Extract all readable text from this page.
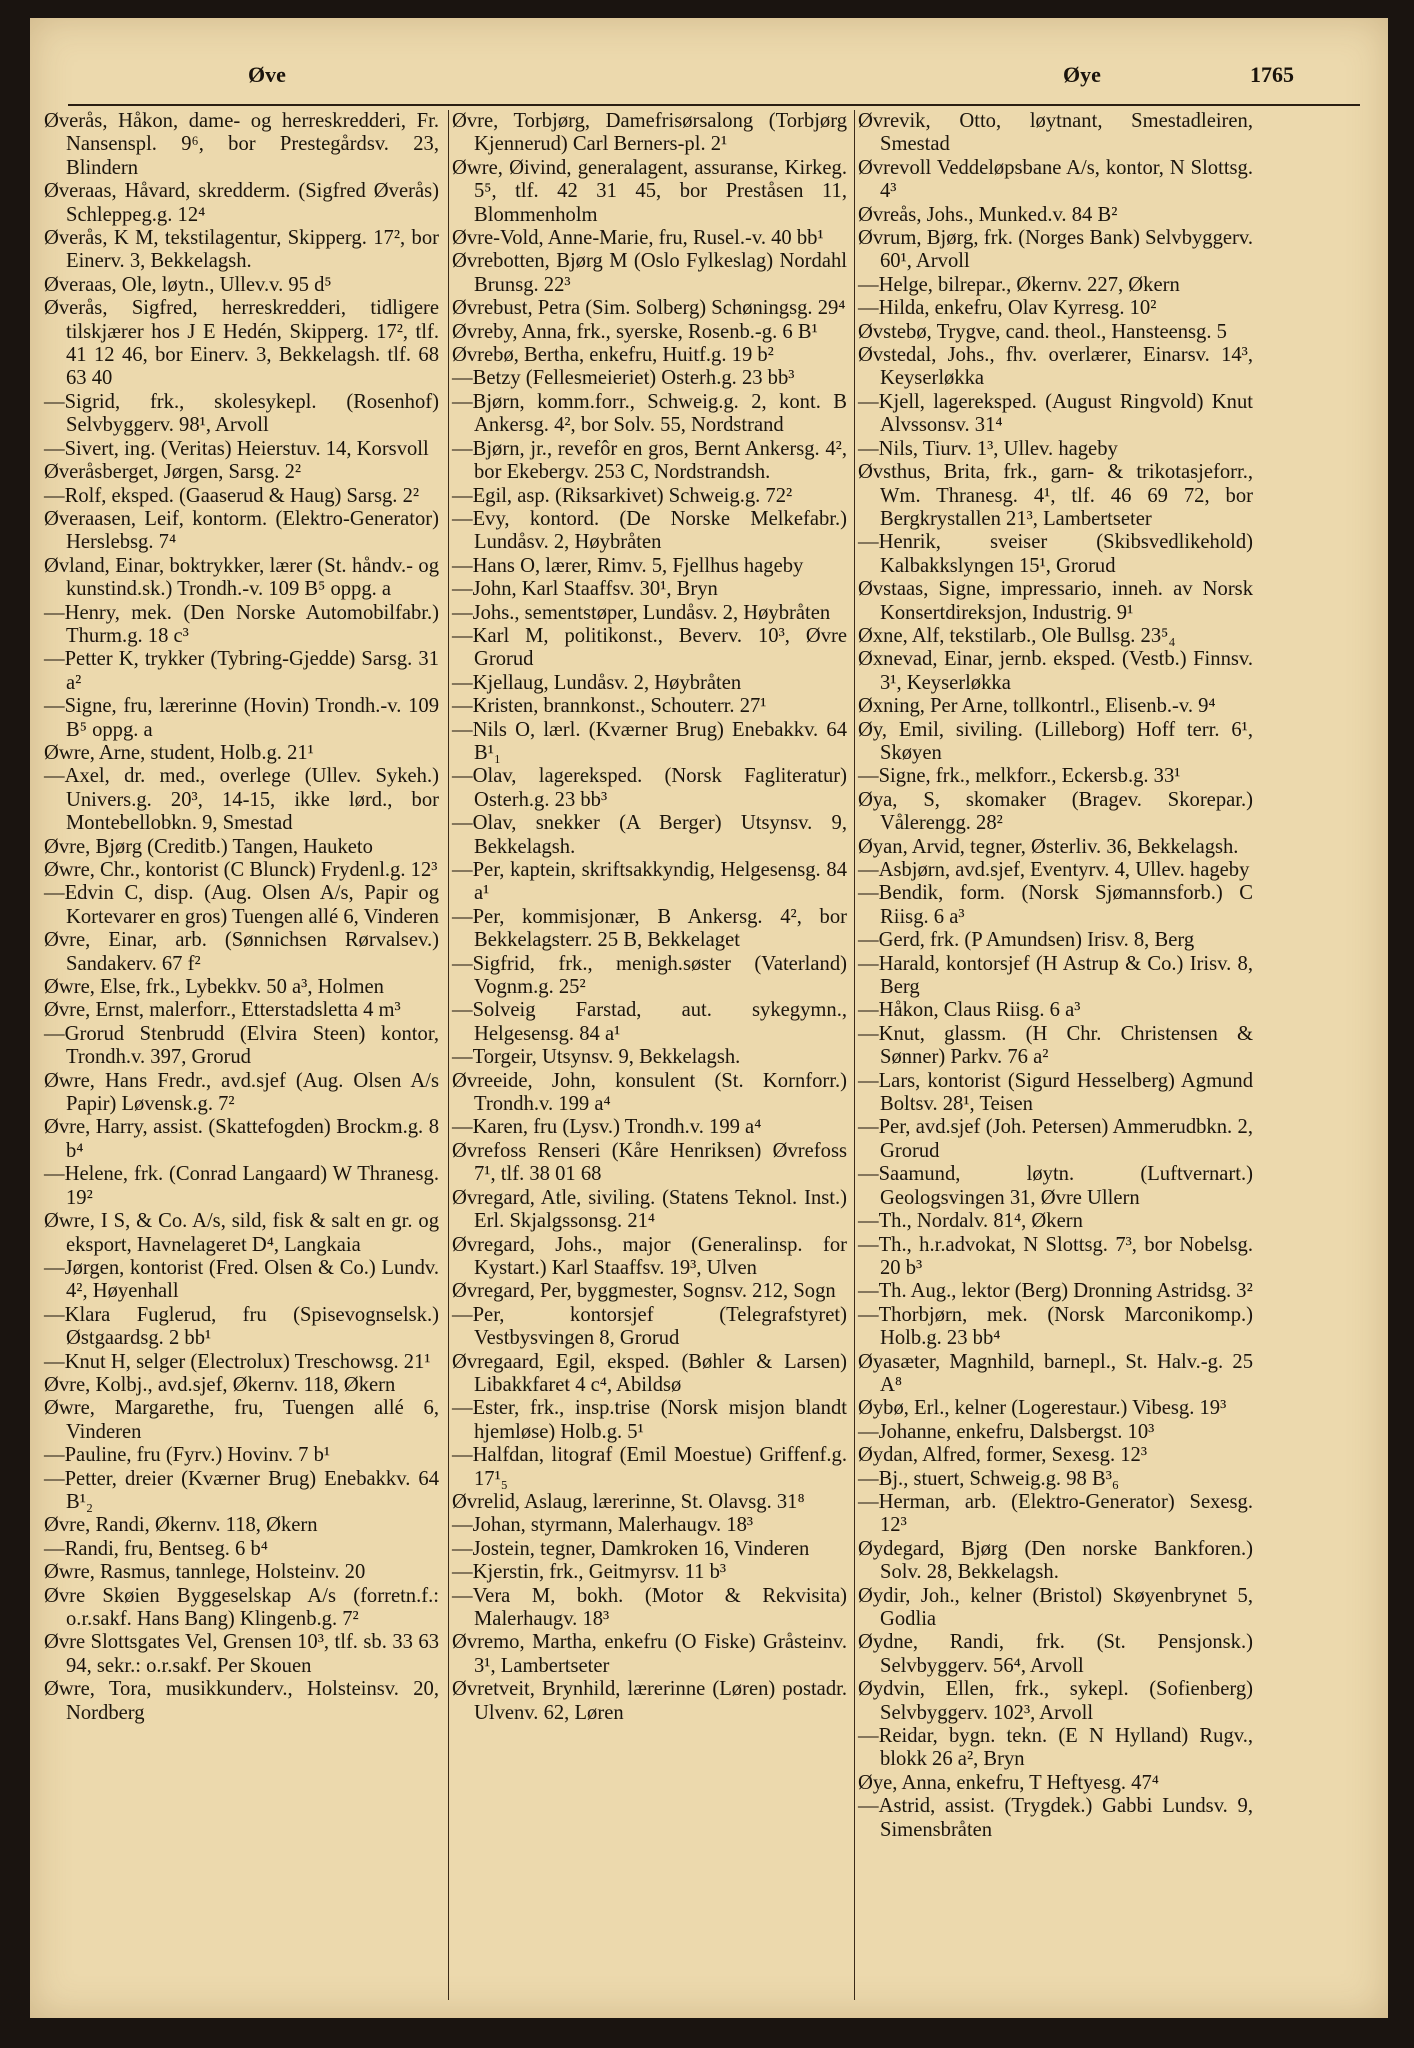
Øve	Øye	1765

Øverås, Håkon, dame- og herreskredderi, Fr. Nansenspl. 9⁶, bor Prestegårdsv. 23, Blindern

Øveraas, Håvard, skredderm. (Sigfred Øverås) Schleppeg.g. 12⁴

Øverås, K M, tekstilagentur, Skipperg. 17², bor Einerv. 3, Bekkelagsh.

Øveraas, Ole, løytn., Ullev.v. 95 d⁵

Øverås, Sigfred, herreskredderi, tidligere tilskjærer hos J E Hedén, Skipperg. 17², tlf. 41 12 46, bor Einerv. 3, Bekkelagsh. tlf. 68 63 40

—Sigrid, frk., skolesykepl. (Rosenhof) Selvbyggerv. 98¹, Arvoll

—Sivert, ing. (Veritas) Heierstuv. 14, Korsvoll

Øveråsberget, Jørgen, Sarsg. 2²

—Rolf, eksped. (Gaaserud & Haug) Sarsg. 2²

Øveraasen, Leif, kontorm. (Elektro-Generator) Herslebsg. 7⁴

Øvland, Einar, boktrykker, lærer (St. håndv.- og kunstind.sk.) Trondh.-v. 109 B⁵ oppg. a

—Henry, mek. (Den Norske Automobilfabr.) Thurm.g. 18 c³

—Petter K, trykker (Tybring-Gjedde) Sarsg. 31 a²

—Signe, fru, lærerinne (Hovin) Trondh.-v. 109 B⁵ oppg. a

Øwre, Arne, student, Holb.g. 21¹

—Axel, dr. med., overlege (Ullev. Sykeh.) Univers.g. 20³, 14-15, ikke lørd., bor Montebellobkn. 9, Smestad

Øvre, Bjørg (Creditb.) Tangen, Hauketo

Øwre, Chr., kontorist (C Blunck) Frydenl.g. 12³

—Edvin C, disp. (Aug. Olsen A/s, Papir og Kortevarer en gros) Tuengen allé 6, Vinderen

Øvre, Einar, arb. (Sønnichsen Rørvalsev.) Sandakerv. 67 f²

Øwre, Else, frk., Lybekkv. 50 a³, Holmen

Øvre, Ernst, malerforr., Etterstadsletta 4 m³

—Grorud Stenbrudd (Elvira Steen) kontor, Trondh.v. 397, Grorud

Øwre, Hans Fredr., avd.sjef (Aug. Olsen A/s Papir) Løvensk.g. 7²

Øvre, Harry, assist. (Skattefogden) Brockm.g. 8 b⁴

—Helene, frk. (Conrad Langaard) W Thranesg. 19²

Øwre, I S, & Co. A/s, sild, fisk & salt en gr. og eksport, Havnelageret D⁴, Langkaia

—Jørgen, kontorist (Fred. Olsen & Co.) Lundv. 4², Høyenhall

—Klara Fuglerud, fru (Spisevognselsk.) Østgaardsg. 2 bb¹

—Knut H, selger (Electrolux) Treschowsg. 21¹

Øvre, Kolbj., avd.sjef, Økernv. 118, Økern

Øwre, Margarethe, fru, Tuengen allé 6, Vinderen

—Pauline, fru (Fyrv.) Hovinv. 7 b¹

—Petter, dreier (Kværner Brug) Enebakkv. 64 B¹₂

Øvre, Randi, Økernv. 118, Økern

—Randi, fru, Bentseg. 6 b⁴

Øwre, Rasmus, tannlege, Holsteinv. 20

Øvre Skøien Byggeselskap A/s (forretn.f.: o.r.sakf. Hans Bang) Klingenb.g. 7²

Øvre Slottsgates Vel, Grensen 10³, tlf. sb. 33 63 94, sekr.: o.r.sakf. Per Skouen

Øwre, Tora, musikkunderv., Holsteinsv. 20, Nordberg

Øvre, Torbjørg, Damefrisørsalong (Torbjørg Kjennerud) Carl Berners-pl. 2¹

Øwre, Øivind, generalagent, assuranse, Kirkeg. 5⁵, tlf. 42 31 45, bor Preståsen 11, Blommenholm

Øvre-Vold, Anne-Marie, fru, Rusel.-v. 40 bb¹

Øvrebotten, Bjørg M (Oslo Fylkeslag) Nordahl Brunsg. 22³

Øvrebust, Petra (Sim. Solberg) Schøningsg. 29⁴

Øvreby, Anna, frk., syerske, Rosenb.-g. 6 B¹

Øvrebø, Bertha, enkefru, Huitf.g. 19 b²

—Betzy (Fellesmeieriet) Osterh.g. 23 bb³

—Bjørn, komm.forr., Schweig.g. 2, kont. B Ankersg. 4², bor Solv. 55, Nordstrand

—Bjørn, jr., revefôr en gros, Bernt Ankersg. 4², bor Ekebergv. 253 C, Nordstrandsh.

—Egil, asp. (Riksarkivet) Schweig.g. 72²

—Evy, kontord. (De Norske Melkefabr.) Lundåsv. 2, Høybråten

—Hans O, lærer, Rimv. 5, Fjellhus hageby

—John, Karl Staaffsv. 30¹, Bryn

—Johs., sementstøper, Lundåsv. 2, Høybråten

—Karl M, politikonst., Beverv. 10³, Øvre Grorud

—Kjellaug, Lundåsv. 2, Høybråten

—Kristen, brannkonst., Schouterr. 27¹

—Nils O, lærl. (Kværner Brug) Enebakkv. 64 B¹₁

—Olav, lagereksped. (Norsk Fagliteratur) Osterh.g. 23 bb³

—Olav, snekker (A Berger) Utsynsv. 9, Bekkelagsh.

—Per, kaptein, skriftsakkyndig, Helgesensg. 84 a¹

—Per, kommisjonær, B Ankersg. 4², bor Bekkelagsterr. 25 B, Bekkelaget

—Sigfrid, frk., menigh.søster (Vaterland) Vognm.g. 25²

—Solveig Farstad, aut. sykegymn., Helgesensg. 84 a¹

—Torgeir, Utsynsv. 9, Bekkelagsh.

Øvreeide, John, konsulent (St. Kornforr.) Trondh.v. 199 a⁴

—Karen, fru (Lysv.) Trondh.v. 199 a⁴

Øvrefoss Renseri (Kåre Henriksen) Øvrefoss 7¹, tlf. 38 01 68

Øvregard, Atle, siviling. (Statens Teknol. Inst.) Erl. Skjalgssonsg. 21⁴

Øvregard, Johs., major (Generalinsp. for Kystart.) Karl Staaffsv. 19³, Ulven

Øvregard, Per, byggmester, Sognsv. 212, Sogn

—Per, kontorsjef (Telegrafstyret) Vestbysvingen 8, Grorud

Øvregaard, Egil, eksped. (Bøhler & Larsen) Libakkfaret 4 c⁴, Abildsø

—Ester, frk., insp.trise (Norsk misjon blandt hjemløse) Holb.g. 5¹

—Halfdan, litograf (Emil Moestue) Griffenf.g. 17¹₅

Øvrelid, Aslaug, lærerinne, St. Olavsg. 31⁸

—Johan, styrmann, Malerhaugv. 18³

—Jostein, tegner, Damkroken 16, Vinderen

—Kjerstin, frk., Geitmyrsv. 11 b³

—Vera M, bokh. (Motor & Rekvisita) Malerhaugv. 18³

Øvremo, Martha, enkefru (O Fiske) Gråsteinv. 3¹, Lambertseter

Øvretveit, Brynhild, lærerinne (Løren) postadr. Ulvenv. 62, Løren

Øvrevik, Otto, løytnant, Smestadleiren, Smestad

Øvrevoll Veddeløpsbane A/s, kontor, N Slottsg. 4³

Øvreås, Johs., Munked.v. 84 B²

Øvrum, Bjørg, frk. (Norges Bank) Selvbyggerv. 60¹, Arvoll

—Helge, bilrepar., Økernv. 227, Økern

—Hilda, enkefru, Olav Kyrresg. 10²

Øvstebø, Trygve, cand. theol., Hansteensg. 5

Øvstedal, Johs., fhv. overlærer, Einarsv. 14³, Keyserløkka

—Kjell, lagereksped. (August Ringvold) Knut Alvssonsv. 31⁴

—Nils, Tiurv. 1³, Ullev. hageby

Øvsthus, Brita, frk., garn- & trikotasjeforr., Wm. Thranesg. 4¹, tlf. 46 69 72, bor Bergkrystallen 21³, Lambertseter

—Henrik, sveiser (Skibsvedlikehold) Kalbakkslyngen 15¹, Grorud

Øvstaas, Signe, impressario, inneh. av Norsk Konsertdireksjon, Industrig. 9¹

Øxne, Alf, tekstilarb., Ole Bullsg. 23⁵₄

Øxnevad, Einar, jernb. eksped. (Vestb.) Finnsv. 3¹, Keyserløkka

Øxning, Per Arne, tollkontrl., Elisenb.-v. 9⁴

Øy, Emil, siviling. (Lilleborg) Hoff terr. 6¹, Skøyen

—Signe, frk., melkforr., Eckersb.g. 33¹

Øya, S, skomaker (Bragev. Skorepar.) Vålerengg. 28²

Øyan, Arvid, tegner, Østerliv. 36, Bekkelagsh.

—Asbjørn, avd.sjef, Eventyrv. 4, Ullev. hageby

—Bendik, form. (Norsk Sjømannsforb.) C Riisg. 6 a³

—Gerd, frk. (P Amundsen) Irisv. 8, Berg

—Harald, kontorsjef (H Astrup & Co.) Irisv. 8, Berg

—Håkon, Claus Riisg. 6 a³

—Knut, glassm. (H Chr. Christensen & Sønner) Parkv. 76 a²

—Lars, kontorist (Sigurd Hesselberg) Agmund Boltsv. 28¹, Teisen

—Per, avd.sjef (Joh. Petersen) Ammerudbkn. 2, Grorud

—Saamund, løytn. (Luftvernart.) Geologsvingen 31, Øvre Ullern

—Th., Nordalv. 81⁴, Økern

—Th., h.r.advokat, N Slottsg. 7³, bor Nobelsg. 20 b³

—Th. Aug., lektor (Berg) Dronning Astridsg. 3²

—Thorbjørn, mek. (Norsk Marconikomp.) Holb.g. 23 bb⁴

Øyasæter, Magnhild, barnepl., St. Halv.-g. 25 A⁸

Øybø, Erl., kelner (Logerestaur.) Vibesg. 19³

—Johanne, enkefru, Dalsbergst. 10³

Øydan, Alfred, former, Sexesg. 12³

—Bj., stuert, Schweig.g. 98 B³₆

—Herman, arb. (Elektro-Generator) Sexesg. 12³

Øydegard, Bjørg (Den norske Bankforen.) Solv. 28, Bekkelagsh.

Øydir, Joh., kelner (Bristol) Skøyenbrynet 5, Godlia

Øydne, Randi, frk. (St. Pensjonsk.) Selvbyggerv. 56⁴, Arvoll

Øydvin, Ellen, frk., sykepl. (Sofienberg) Selvbyggerv. 102³, Arvoll

—Reidar, bygn. tekn. (E N Hylland) Rugv., blokk 26 a², Bryn

Øye, Anna, enkefru, T Heftyesg. 47⁴

—Astrid, assist. (Trygdek.) Gabbi Lundsv. 9, Simensbråten
